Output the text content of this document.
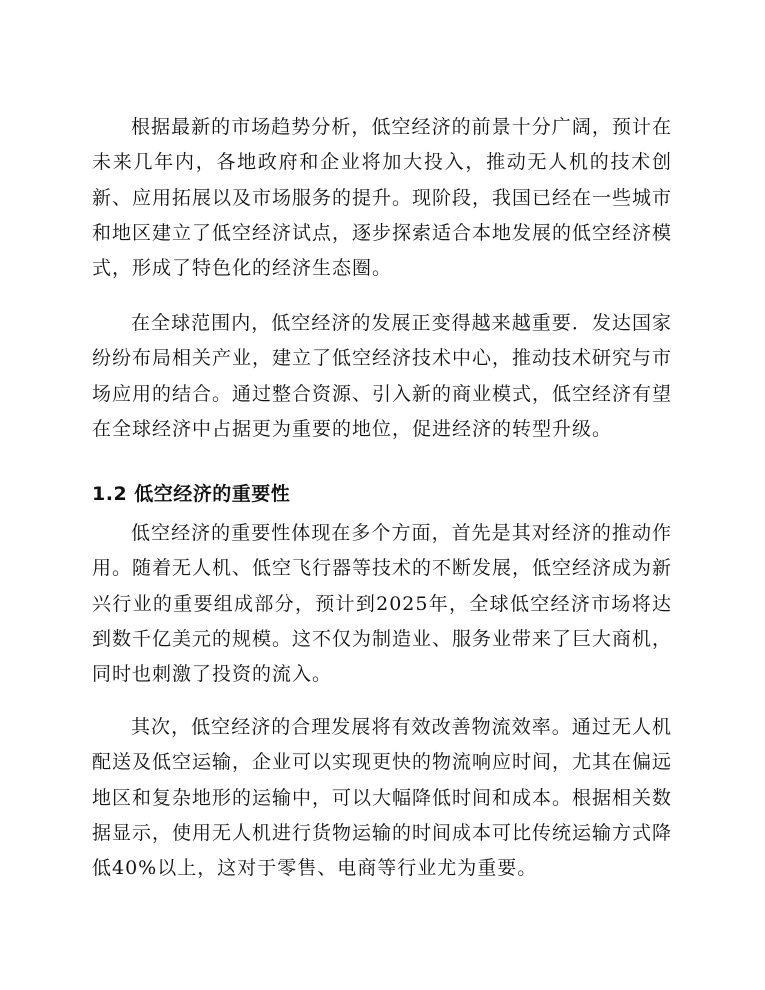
根据最新的市场趋势分析，低空经济的前景十分广阔，预计在未来几年内，各地政府和企业将加大投入，推动无人机的技术创新、应用拓展以及市场服务的提升。现阶段，我国已经在一些城市和地区建立了低空经济试点，逐步探索适合本地发展的低空经济模式，形成了特色化的经济生态圈。

在全球范围内，低空经济的发展正变得越来越重要．发达国家纷纷布局相关产业，建立了低空经济技术中心，推动技术研究与市场应用的结合。通过整合资源、引入新的商业模式，低空经济有望在全球经济中占据更为重要的地位，促进经济的转型升级。

1.2 低空经济的重要性

低空经济的重要性体现在多个方面，首先是其对经济的推动作用。随着无人机、低空飞行器等技术的不断发展，低空经济成为新兴行业的重要组成部分，预计到2025年，全球低空经济市场将达到数千亿美元的规模。这不仅为制造业、服务业带来了巨大商机，同时也刺激了投资的流入。

其次，低空经济的合理发展将有效改善物流效率。通过无人机配送及低空运输，企业可以实现更快的物流响应时间，尤其在偏远地区和复杂地形的运输中，可以大幅降低时间和成本。根据相关数据显示，使用无人机进行货物运输的时间成本可比传统运输方式降低40%以上，这对于零售、电商等行业尤为重要。
